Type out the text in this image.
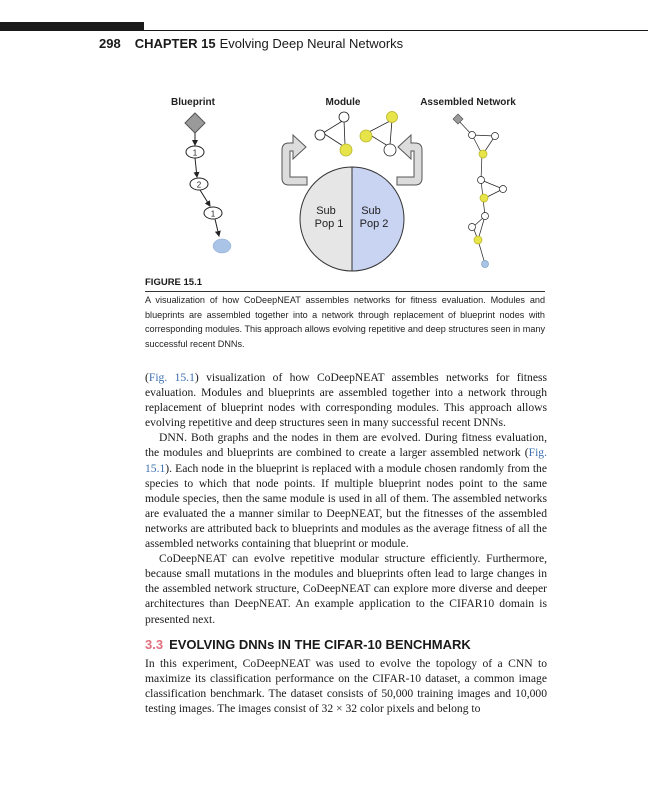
298 CHAPTER 15 Evolving Deep Neural Networks
Blueprint	Module	Assembled Network
1
2
1	Sub
Pop 1
Sub
Pop 2
FIGURE 15.1
A visualization of how CoDeepNEAT assembles networks for fitness evaluation. Modules and blueprints are assembled together into a network through replacement of blueprint nodes with corresponding modules. This approach allows evolving repetitive and deep structures seen in many successful recent DNNs.

(Fig. 15.1) visualization of how CoDeepNEAT assembles networks for fitness evaluation. Modules and blueprints are assembled together into a network through replacement of blueprint nodes with corresponding modules. This approach allows evolving repetitive and deep structures seen in many successful recent DNNs.

DNN. Both graphs and the nodes in them are evolved. During fitness evaluation, the modules and blueprints are combined to create a larger assembled network (Fig. 15.1). Each node in the blueprint is replaced with a module chosen randomly from the species to which that node points. If multiple blueprint nodes point to the same module species, then the same module is used in all of them. The assembled networks are evaluated the a manner similar to DeepNEAT, but the fitnesses of the assembled networks are attributed back to blueprints and modules as the average fitness of all the assembled networks containing that blueprint or module.

CoDeepNEAT can evolve repetitive modular structure efficiently. Furthermore, because small mutations in the modules and blueprints often lead to large changes in the assembled network structure, CoDeepNEAT can explore more diverse and deeper architectures than DeepNEAT. An example application to the CIFAR10 domain is presented next.

3.3 EVOLVING DNNs IN THE CIFAR-10 BENCHMARK

In this experiment, CoDeepNEAT was used to evolve the topology of a CNN to maximize its classification performance on the CIFAR-10 dataset, a common image classification benchmark. The dataset consists of 50,000 training images and 10,000 testing images. The images consist of 32 × 32 color pixels and belong to
